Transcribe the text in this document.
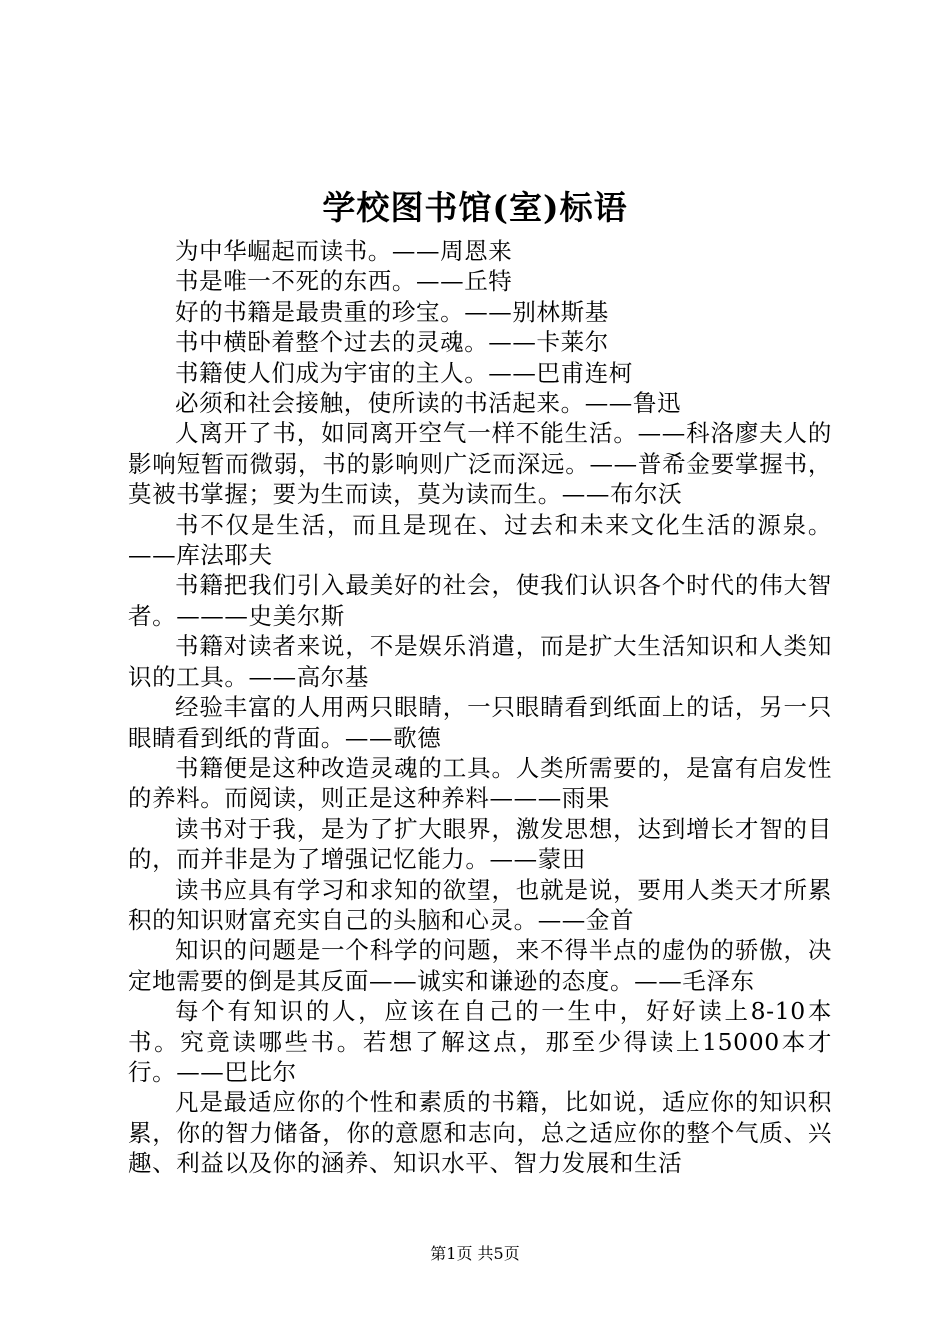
学校图书馆(室)标语

为中华崛起而读书。——周恩来

书是唯一不死的东西。——丘特

好的书籍是最贵重的珍宝。——别林斯基

书中横卧着整个过去的灵魂。——卡莱尔

书籍使人们成为宇宙的主人。——巴甫连柯

必须和社会接触，使所读的书活起来。——鲁迅

人离开了书，如同离开空气一样不能生活。——科洛廖夫人的影响短暂而微弱，书的影响则广泛而深远。——普希金要掌握书，莫被书掌握；要为生而读，莫为读而生。——布尔沃

书不仅是生活，而且是现在、过去和未来文化生活的源泉。——库法耶夫

书籍把我们引入最美好的社会，使我们认识各个时代的伟大智者。———史美尔斯

书籍对读者来说，不是娱乐消遣，而是扩大生活知识和人类知识的工具。——高尔基

经验丰富的人用两只眼睛，一只眼睛看到纸面上的话，另一只眼睛看到纸的背面。——歌德

书籍便是这种改造灵魂的工具。人类所需要的，是富有启发性的养料。而阅读，则正是这种养料———雨果

读书对于我，是为了扩大眼界，激发思想，达到增长才智的目的，而并非是为了增强记忆能力。——蒙田

读书应具有学习和求知的欲望，也就是说，要用人类天才所累积的知识财富充实自己的头脑和心灵。——金首

知识的问题是一个科学的问题，来不得半点的虚伪的骄傲，决定地需要的倒是其反面——诚实和谦逊的态度。——毛泽东

每个有知识的人，应该在自己的一生中，好好读上8-10本书。究竟读哪些书。若想了解这点，那至少得读上15000本才行。——巴比尔

凡是最适应你的个性和素质的书籍，比如说，适应你的知识积累，你的智力储备，你的意愿和志向，总之适应你的整个气质、兴趣、利益以及你的涵养、知识水平、智力发展和生活

第1页 共5页
